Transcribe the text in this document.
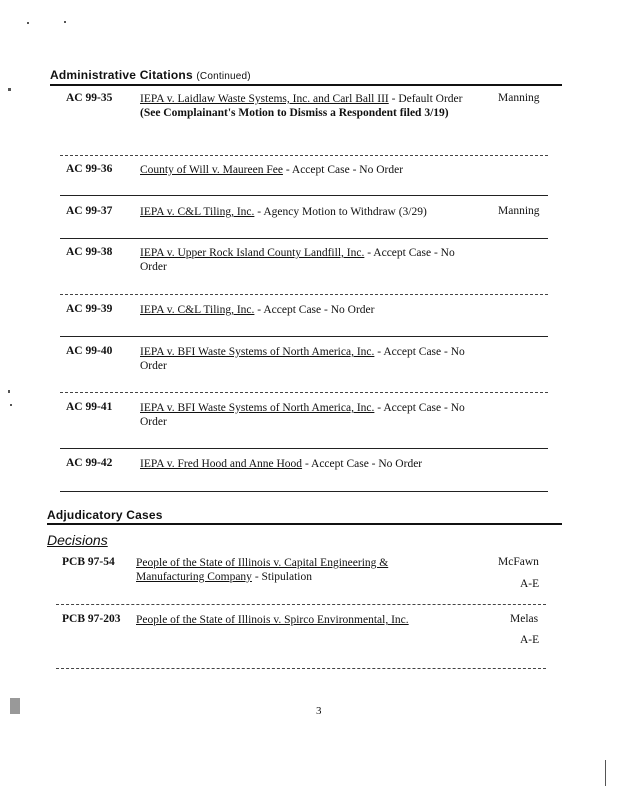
Administrative Citations (Continued)
AC 99-35 IEPA v. Laidlaw Waste Systems, Inc. and Carl Ball III - Default Order (See Complainant's Motion to Dismiss a Respondent filed 3/19)
Manning
AC 99-36 County of Will v. Maureen Fee - Accept Case - No Order
AC 99-37 IEPA v. C&L Tiling, Inc. - Agency Motion to Withdraw (3/29)	Manning
AC 99-38 IEPA v. Upper Rock Island County Landfill, Inc. - Accept Case - No Order
AC 99-39 IEPA v. C&L Tiling, Inc. - Accept Case - No Order
AC 99-40 IEPA v. BFI Waste Systems of North America, Inc. - Accept Case - No Order
AC 99-41 IEPA v. BFI Waste Systems of North America, Inc. - Accept Case - No Order
AC 99-42 IEPA v. Fred Hood and Anne Hood - Accept Case - No Order
Adjudicatory Cases
Decisions
PCB 97-54 People of the State of Illinois v. Capital Engineering & Manufacturing Company - Stipulation
McFawn
A-E
PCB 97-203 People of the State of Illinois v. Spirco Environmental, Inc.	Melas
A-E
3
